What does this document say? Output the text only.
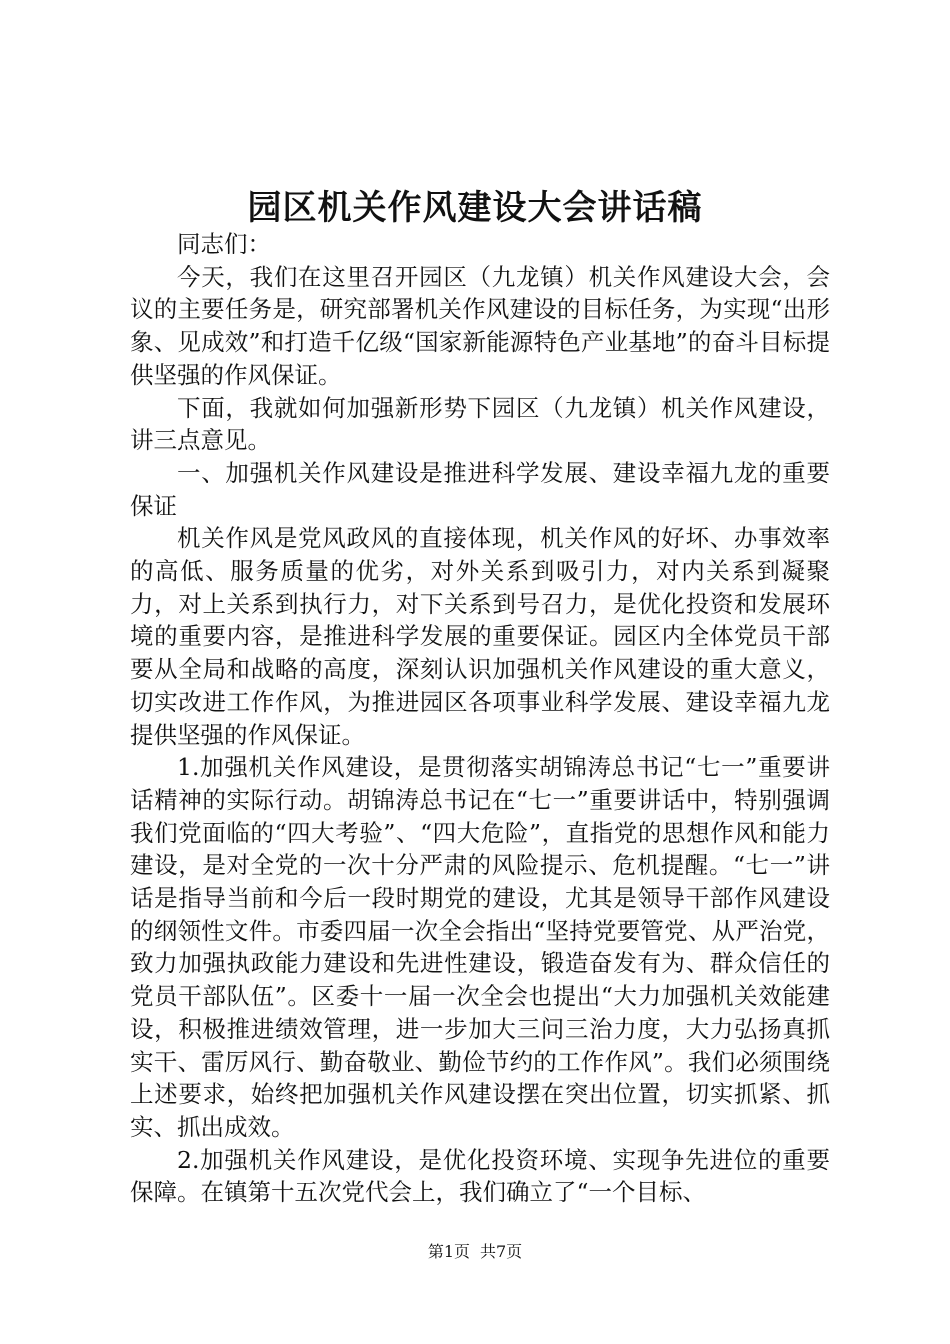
园区机关作风建设大会讲话稿

同志们：

今天，我们在这里召开园区（九龙镇）机关作风建设大会，会议的主要任务是，研究部署机关作风建设的目标任务，为实现“出形象、见成效”和打造千亿级“国家新能源特色产业基地”的奋斗目标提供坚强的作风保证。

下面，我就如何加强新形势下园区（九龙镇）机关作风建设，讲三点意见。

一、加强机关作风建设是推进科学发展、建设幸福九龙的重要保证

机关作风是党风政风的直接体现，机关作风的好坏、办事效率的高低、服务质量的优劣，对外关系到吸引力，对内关系到凝聚力，对上关系到执行力，对下关系到号召力，是优化投资和发展环境的重要内容，是推进科学发展的重要保证。园区内全体党员干部要从全局和战略的高度，深刻认识加强机关作风建设的重大意义，切实改进工作作风，为推进园区各项事业科学发展、建设幸福九龙提供坚强的作风保证。

1.加强机关作风建设，是贯彻落实胡锦涛总书记“七一”重要讲话精神的实际行动。胡锦涛总书记在“七一”重要讲话中，特别强调我们党面临的“四大考验”、“四大危险”，直指党的思想作风和能力建设，是对全党的一次十分严肃的风险提示、危机提醒。“七一”讲话是指导当前和今后一段时期党的建设，尤其是领导干部作风建设的纲领性文件。市委四届一次全会指出“坚持党要管党、从严治党，致力加强执政能力建设和先进性建设，锻造奋发有为、群众信任的党员干部队伍”。区委十一届一次全会也提出“大力加强机关效能建设，积极推进绩效管理，进一步加大三问三治力度，大力弘扬真抓实干、雷厉风行、勤奋敬业、勤俭节约的工作作风”。我们必须围绕上述要求，始终把加强机关作风建设摆在突出位置，切实抓紧、抓实、抓出成效。

2.加强机关作风建设，是优化投资环境、实现争先进位的重要保障。在镇第十五次党代会上，我们确立了“一个目标、

第1页 共7页
